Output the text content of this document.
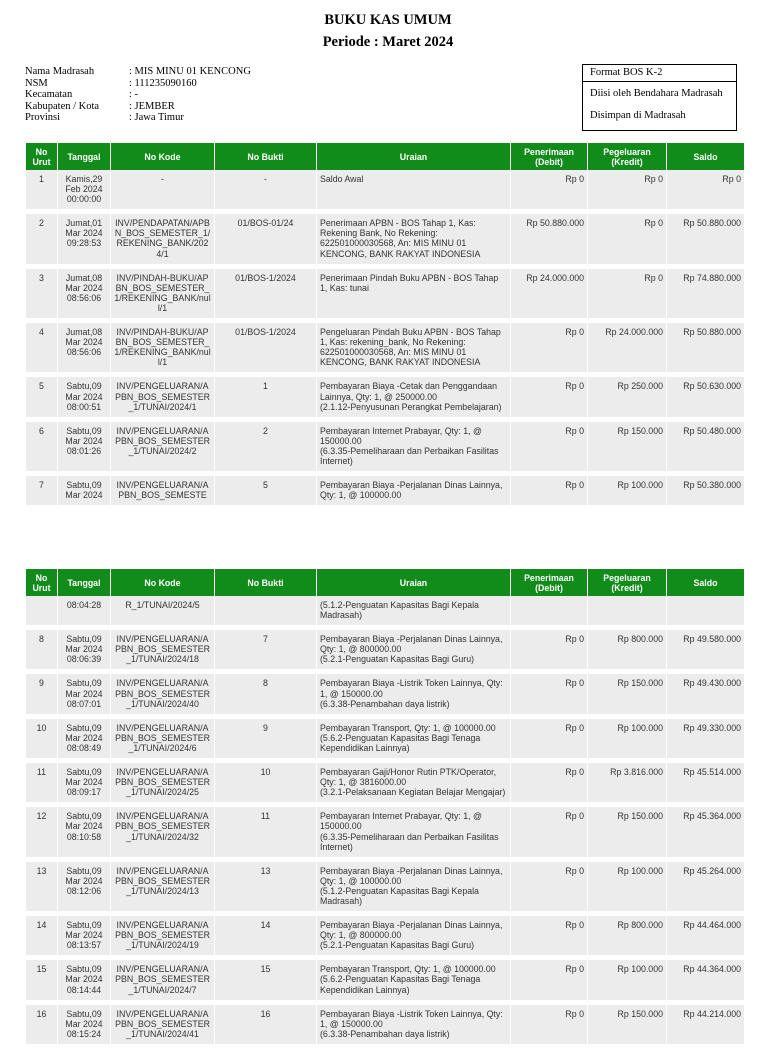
BUKU KAS UMUM
Periode : Maret 2024
Nama Madrasah	: MIS MINU 01 KENCONG
NSM	: 111235090160
Kecamatan	: -
Kabupaten / Kota	: JEMBER
Provinsi	: Jawa Timur
Format BOS K-2
Diisi oleh Bendahara Madrasah
Disimpan di Madrasah
No Urut	Tanggal	No Kode	No Bukti	Uraian	Penerimaan (Debit)	Pegeluaran (Kredit)	Saldo
1	Kamis,29 Feb 2024 00:00:00	-	-	Saldo Awal	Rp 0	Rp 0	Rp 0
2	Jumat,01 Mar 2024 09:28:53	INV/PENDAPATAN/APBN_BOS_SEMESTER_1/REKENING_BANK/2024/1	01/BOS-01/24	Penerimaan APBN - BOS Tahap 1, Kas: Rekening Bank, No Rekening: 622501000030568, An: MIS MINU 01 KENCONG, BANK RAKYAT INDONESIA	Rp 50.880.000	Rp 0	Rp 50.880.000
3	Jumat,08 Mar 2024 08:56:06	INV/PINDAH-BUKU/APBN_BOS_SEMESTER_1/REKENING_BANK/null/1	01/BOS-1/2024	Penerimaan Pindah Buku APBN - BOS Tahap 1, Kas: tunai	Rp 24.000.000	Rp 0	Rp 74.880.000
4	Jumat,08 Mar 2024 08:56:06	INV/PINDAH-BUKU/APBN_BOS_SEMESTER_1/REKENING_BANK/null/1	01/BOS-1/2024	Pengeluaran Pindah Buku APBN - BOS Tahap 1, Kas: rekening_bank, No Rekening: 622501000030568, An: MIS MINU 01 KENCONG, BANK RAKYAT INDONESIA	Rp 0	Rp 24.000.000	Rp 50.880.000
5	Sabtu,09 Mar 2024 08:00:51	INV/PENGELUARAN/APBN_BOS_SEMESTER_1/TUNAI/2024/1	1	Pembayaran Biaya -Cetak dan Penggandaan Lainnya, Qty: 1, @ 250000.00
(2.1.12-Penyusunan Perangkat Pembelajaran)	Rp 0	Rp 250.000	Rp 50.630.000
6	Sabtu,09 Mar 2024 08:01:26	INV/PENGELUARAN/APBN_BOS_SEMESTER_1/TUNAI/2024/2	2	Pembayaran Internet Prabayar, Qty: 1, @ 150000.00
(6.3.35-Pemeliharaan dan Perbaikan Fasilitas Internet)	Rp 0	Rp 150.000	Rp 50.480.000
7	Sabtu,09 Mar 2024	INV/PENGELUARAN/APBN_BOS_SEMESTE	5	Pembayaran Biaya -Perjalanan Dinas Lainnya, Qty: 1, @ 100000.00	Rp 0	Rp 100.000	Rp 50.380.000
No Urut	Tanggal	No Kode	No Bukti	Uraian	Penerimaan (Debit)	Pegeluaran (Kredit)	Saldo
	08:04:28	R_1/TUNAI/2024/5		(5.1.2-Penguatan Kapasitas Bagi Kepala Madrasah)			
8	Sabtu,09 Mar 2024 08:06:39	INV/PENGELUARAN/APBN_BOS_SEMESTER_1/TUNAI/2024/18	7	Pembayaran Biaya -Perjalanan Dinas Lainnya, Qty: 1, @ 800000.00
(5.2.1-Penguatan Kapasitas Bagi Guru)	Rp 0	Rp 800.000	Rp 49.580.000
9	Sabtu,09 Mar 2024 08:07:01	INV/PENGELUARAN/APBN_BOS_SEMESTER_1/TUNAI/2024/40	8	Pembayaran Biaya -Listrik Token Lainnya, Qty: 1, @ 150000.00
(6.3.38-Penambahan daya listrik)	Rp 0	Rp 150.000	Rp 49.430.000
10	Sabtu,09 Mar 2024 08:08:49	INV/PENGELUARAN/APBN_BOS_SEMESTER_1/TUNAI/2024/6	9	Pembayaran Transport, Qty: 1, @ 100000.00
(5.6.2-Penguatan Kapasitas Bagi Tenaga Kependidikan Lainnya)	Rp 0	Rp 100.000	Rp 49.330.000
11	Sabtu,09 Mar 2024 08:09:17	INV/PENGELUARAN/APBN_BOS_SEMESTER_1/TUNAI/2024/25	10	Pembayaran Gaji/Honor Rutin PTK/Operator, Qty: 1, @ 3816000.00
(3.2.1-Pelaksanaan Kegiatan Belajar Mengajar)	Rp 0	Rp 3.816.000	Rp 45.514.000
12	Sabtu,09 Mar 2024 08:10:58	INV/PENGELUARAN/APBN_BOS_SEMESTER_1/TUNAI/2024/32	11	Pembayaran Internet Prabayar, Qty: 1, @ 150000.00
(6.3.35-Pemeliharaan dan Perbaikan Fasilitas Internet)	Rp 0	Rp 150.000	Rp 45.364.000
13	Sabtu,09 Mar 2024 08:12:06	INV/PENGELUARAN/APBN_BOS_SEMESTER_1/TUNAI/2024/13	13	Pembayaran Biaya -Perjalanan Dinas Lainnya, Qty: 1, @ 100000.00
(5.1.2-Penguatan Kapasitas Bagi Kepala Madrasah)	Rp 0	Rp 100.000	Rp 45.264.000
14	Sabtu,09 Mar 2024 08:13:57	INV/PENGELUARAN/APBN_BOS_SEMESTER_1/TUNAI/2024/19	14	Pembayaran Biaya -Perjalanan Dinas Lainnya, Qty: 1, @ 800000.00
(5.2.1-Penguatan Kapasitas Bagi Guru)	Rp 0	Rp 800.000	Rp 44.464.000
15	Sabtu,09 Mar 2024 08:14:44	INV/PENGELUARAN/APBN_BOS_SEMESTER_1/TUNAI/2024/7	15	Pembayaran Transport, Qty: 1, @ 100000.00
(5.6.2-Penguatan Kapasitas Bagi Tenaga Kependidikan Lainnya)	Rp 0	Rp 100.000	Rp 44.364.000
16	Sabtu,09 Mar 2024 08:15:24	INV/PENGELUARAN/APBN_BOS_SEMESTER_1/TUNAI/2024/41	16	Pembayaran Biaya -Listrik Token Lainnya, Qty: 1, @ 150000.00
(6.3.38-Penambahan daya listrik)	Rp 0	Rp 150.000	Rp 44.214.000
